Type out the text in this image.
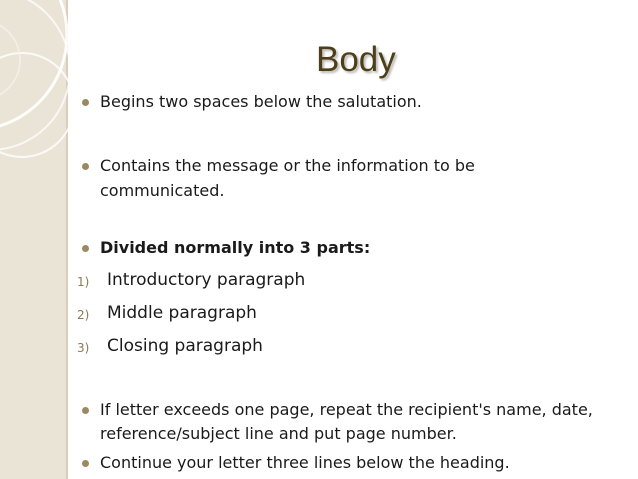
Body
Begins two spaces below the salutation.
Contains the message or the information to be
communicated.
Divided normally into 3 parts:
1) Introductory paragraph
2) Middle paragraph
3) Closing paragraph
If letter exceeds one page, repeat the recipient's name, date,
reference/subject line and put page number.
Continue your letter three lines below the heading.
